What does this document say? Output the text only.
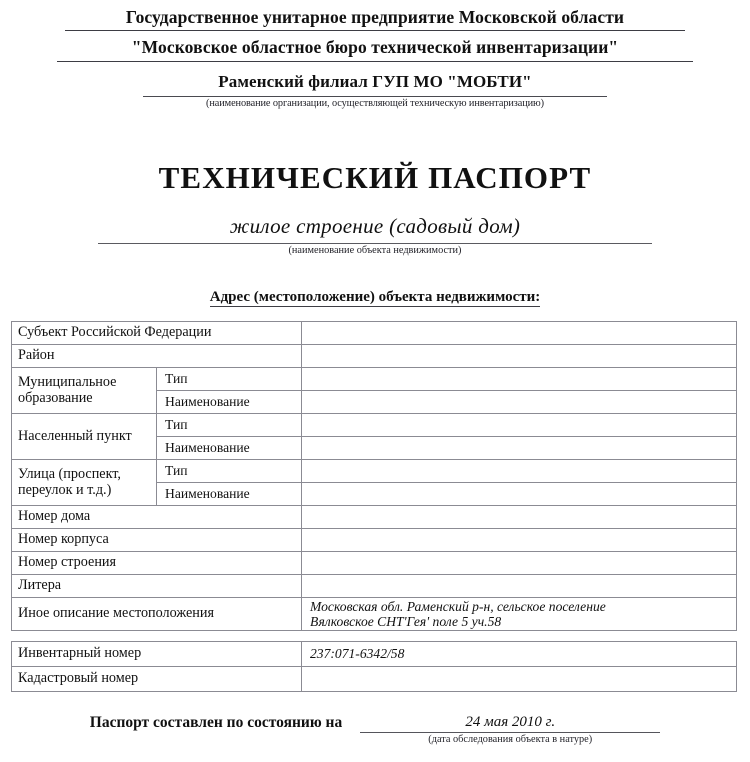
Государственное унитарное предприятие Московской области
"Московское областное бюро технической инвентаризации"
Раменский филиал ГУП МО "МОБТИ"
(наименование организации, осуществляющей техническую инвентаризацию)
ТЕХНИЧЕСКИЙ ПАСПОРТ
жилое строение (садовый дом)
(наименование объекта недвижимости)
Адрес (местоположение) объекта недвижимости:
Субъект Российской Федерации		
Район		
Муниципальное образование	Тип	
	Наименование	
Населенный пункт	Тип	
	Наименование	
Улица (проспект, переулок и т.д.)	Тип	
	Наименование	
Номер дома		
Номер корпуса		
Номер строения		
Литера		
Иное описание местоположения		Московская обл. Раменский р-н, сельское поселение
Вялковское СНТ'Гея' поле 5 уч.58
Инвентарный номер	237:071-6342/58
Кадастровый номер	
Паспорт составлен по состоянию на	24 мая 2010 г.
(дата обследования объекта в натуре)
